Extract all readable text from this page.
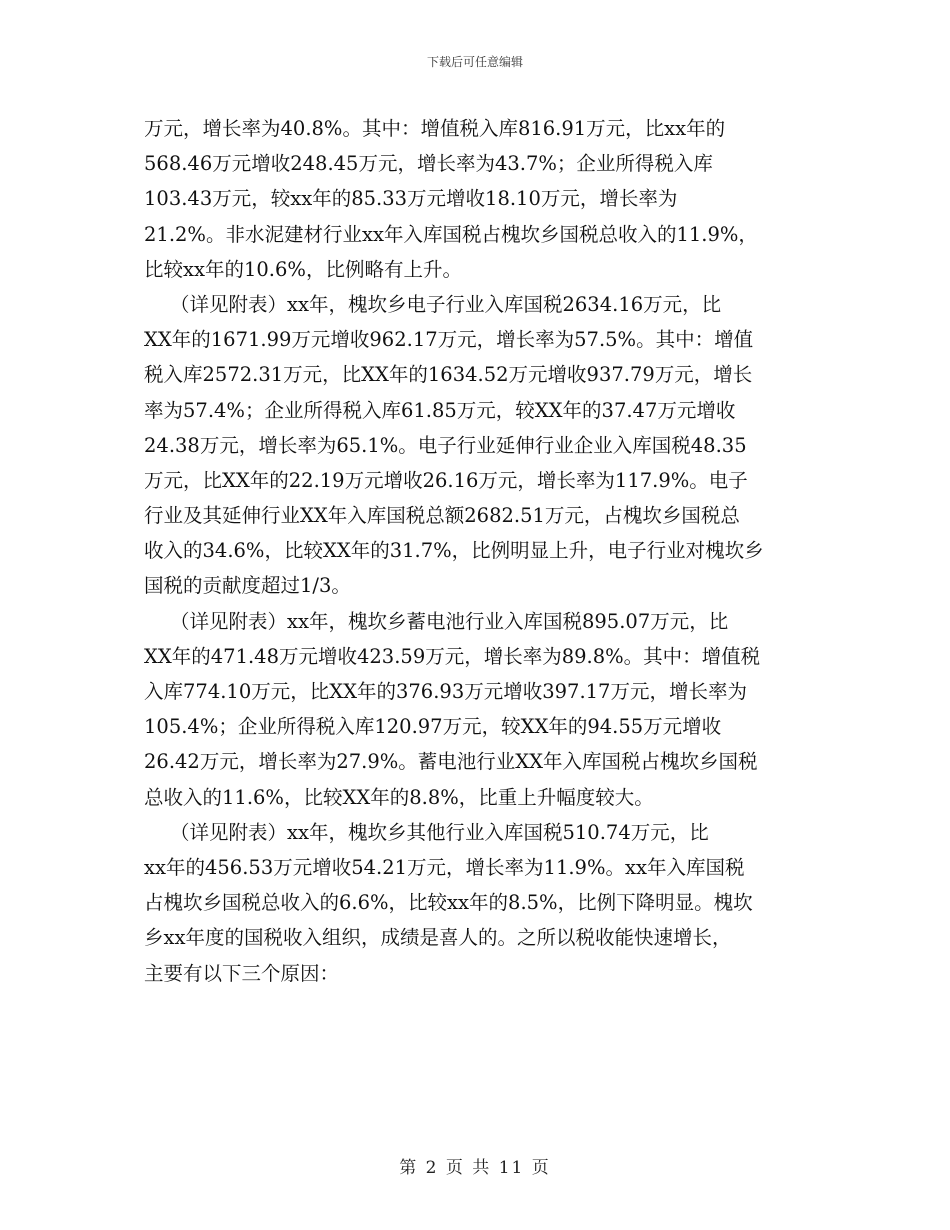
下载后可任意编辑

万元，增长率为40.8%。其中：增值税入库816.91万元，比xx年的
568.46万元增收248.45万元，增长率为43.7%；企业所得税入库
103.43万元，较xx年的85.33万元增收18.10万元，增长率为
21.2%。非水泥建材行业xx年入库国税占槐坎乡国税总收入的11.9%，
比较xx年的10.6%，比例略有上升。

（详见附表）xx年，槐坎乡电子行业入库国税2634.16万元，比
XX年的1671.99万元增收962.17万元，增长率为57.5%。其中：增值
税入库2572.31万元，比XX年的1634.52万元增收937.79万元，增长
率为57.4%；企业所得税入库61.85万元，较XX年的37.47万元增收
24.38万元，增长率为65.1%。电子行业延伸行业企业入库国税48.35
万元，比XX年的22.19万元增收26.16万元，增长率为117.9%。电子
行业及其延伸行业XX年入库国税总额2682.51万元，占槐坎乡国税总
收入的34.6%，比较XX年的31.7%，比例明显上升，电子行业对槐坎乡
国税的贡献度超过1/3。

（详见附表）xx年，槐坎乡蓄电池行业入库国税895.07万元，比
XX年的471.48万元增收423.59万元，增长率为89.8%。其中：增值税
入库774.10万元，比XX年的376.93万元增收397.17万元，增长率为
105.4%；企业所得税入库120.97万元，较XX年的94.55万元增收
26.42万元，增长率为27.9%。蓄电池行业XX年入库国税占槐坎乡国税
总收入的11.6%，比较XX年的8.8%，比重上升幅度较大。

（详见附表）xx年，槐坎乡其他行业入库国税510.74万元，比
xx年的456.53万元增收54.21万元，增长率为11.9%。xx年入库国税
占槐坎乡国税总收入的6.6%，比较xx年的8.5%，比例下降明显。槐坎
乡xx年度的国税收入组织，成绩是喜人的。之所以税收能快速增长，
主要有以下三个原因：

第 2 页 共 11 页
